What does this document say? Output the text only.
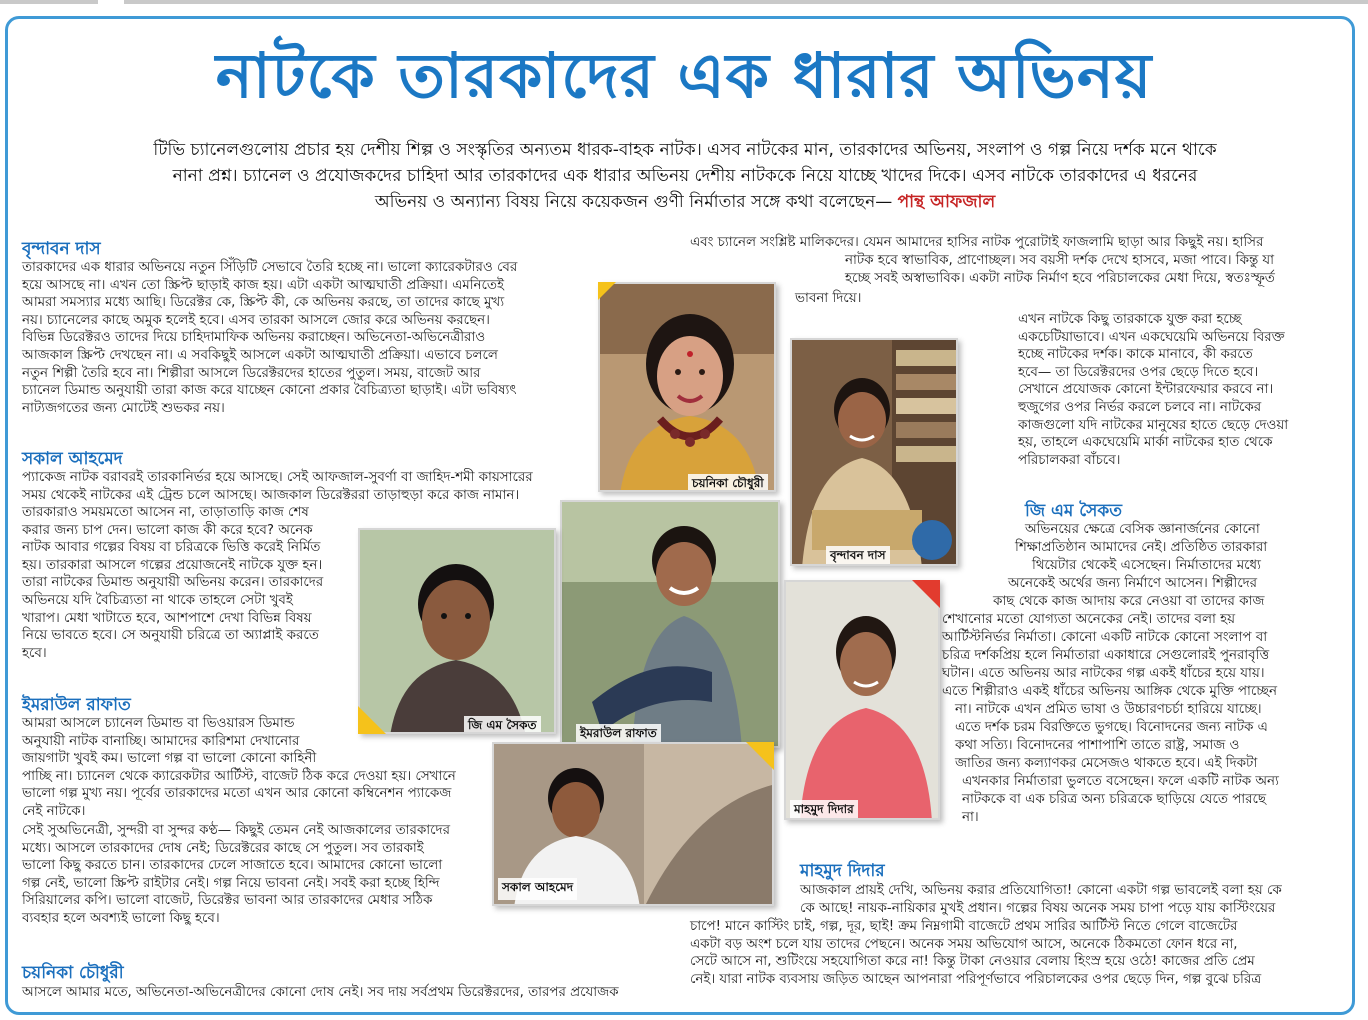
নাটকে তারকাদের এক ধারার অভিনয়
টিভি চ্যানেলগুলোয় প্রচার হয় দেশীয় শিল্প ও সংস্কৃতির অন্যতম ধারক-বাহক নাটক। এসব নাটকের মান, তারকাদের অভিনয়, সংলাপ ও গল্প নিয়ে দর্শক মনে থাকে
নানা প্রশ্ন। চ্যানেল ও প্রযোজকদের চাহিদা আর তারকাদের এক ধারার অভিনয় দেশীয় নাটককে নিয়ে যাচ্ছে খাদের দিকে। এসব নাটকে তারকাদের এ ধরনের
অভিনয় ও অন্যান্য বিষয় নিয়ে কয়েকজন গুণী নির্মাতার সঙ্গে কথা বলেছেন— পান্থ আফজাল
বৃন্দাবন দাস
তারকাদের এক ধারার অভিনয়ে নতুন সিঁড়িটি সেভাবে তৈরি হচ্ছে না। ভালো ক্যারেকটারও বের
হয়ে আসছে না। এখন তো স্ক্রিপ্ট ছাড়াই কাজ হয়। এটা একটা আত্মঘাতী প্রক্রিয়া। এমনিতেই
আমরা সমস্যার মধ্যে আছি। ডিরেক্টর কে, স্ক্রিপ্ট কী, কে অভিনয় করছে, তা তাদের কাছে মুখ্য
নয়। চ্যানেলের কাছে অমুক হলেই হবে। এসব তারকা আসলে জোর করে অভিনয় করছেন।
বিভিন্ন ডিরেক্টরও তাদের দিয়ে চাহিদামাফিক অভিনয় করাচ্ছেন। অভিনেতা-অভিনেত্রীরাও
আজকাল স্ক্রিপ্ট দেখছেন না। এ সবকিছুই আসলে একটা আত্মঘাতী প্রক্রিয়া। এভাবে চললে
নতুন শিল্পী তৈরি হবে না। শিল্পীরা আসলে ডিরেক্টরদের হাতের পুতুল। সময়, বাজেট আর
চ্যানেল ডিমান্ড অনুযায়ী তারা কাজ করে যাচ্ছেন কোনো প্রকার বৈচিত্র্যতা ছাড়াই। এটা ভবিষ্যৎ
নাট্যজগতের জন্য মোটেই শুভকর নয়।
সকাল আহমেদ
প্যাকেজ নাটক বরাবরই তারকানির্ভর হয়ে আসছে। সেই আফজাল-সুবর্ণা বা জাহিদ-শমী কায়সারের
সময় থেকেই নাটকের এই ট্রেন্ড চলে আসছে। আজকাল ডিরেক্টররা তাড়াহুড়া করে কাজ নামান।
তারকারাও সময়মতো আসেন না, তাড়াতাড়ি কাজ শেষ
করার জন্য চাপ দেন। ভালো কাজ কী করে হবে? অনেক
নাটক আবার গল্পের বিষয় বা চরিত্রকে ভিত্তি করেই নির্মিত
হয়। তারকারা আসলে গল্পের প্রয়োজনেই নাটকে যুক্ত হন।
তারা নাটকের ডিমান্ড অনুযায়ী অভিনয় করেন। তারকাদের
অভিনয়ে যদি বৈচিত্র্যতা না থাকে তাহলে সেটা খুবই
খারাপ। মেধা খাটাতে হবে, আশপাশে দেখা বিভিন্ন বিষয়
নিয়ে ভাবতে হবে। সে অনুযায়ী চরিত্রে তা অ্যাপ্লাই করতে
হবে।
ইমরাউল রাফাত
আমরা আসলে চ্যানেল ডিমান্ড বা ভিওয়ারস ডিমান্ড
অনুযায়ী নাটক বানাচ্ছি। আমাদের কারিশমা দেখানোর
জায়গাটা খুবই কম। ভালো গল্প বা ভালো কোনো কাহিনী
পাচ্ছি না। চ্যানেল থেকে ক্যারেকটার আর্টিস্ট, বাজেট ঠিক করে দেওয়া হয়। সেখানে
ভালো গল্প মুখ্য নয়। পূর্বের তারকাদের মতো এখন আর কোনো কম্বিনেশন প্যাকেজ
নেই নাটকে।
সেই সুঅভিনেত্রী, সুন্দরী বা সুন্দর কণ্ঠ— কিছুই তেমন নেই আজকালের তারকাদের
মধ্যে। আসলে তারকাদের দোষ নেই; ডিরেক্টরের কাছে সে পুতুল। সব তারকাই
ভালো কিছু করতে চান। তারকাদের ঢেলে সাজাতে হবে। আমাদের কোনো ভালো
গল্প নেই, ভালো স্ক্রিপ্ট রাইটার নেই। গল্প নিয়ে ভাবনা নেই। সবই করা হচ্ছে হিন্দি
সিরিয়ালের কপি। ভালো বাজেট, ডিরেক্টর ভাবনা আর তারকাদের মেধার সঠিক
ব্যবহার হলে অবশ্যই ভালো কিছু হবে।
চয়নিকা চৌধুরী
আসলে আমার মতে, অভিনেতা-অভিনেত্রীদের কোনো দোষ নেই। সব দায় সর্বপ্রথম ডিরেক্টরদের, তারপর প্রযোজক
এবং চ্যানেল সংশ্লিষ্ট মালিকদের। যেমন আমাদের হাসির নাটক পুরোটাই ফাজলামি ছাড়া আর কিছুই নয়। হাসির
নাটক হবে স্বাভাবিক, প্রাণোচ্ছল। সব বয়সী দর্শক দেখে হাসবে, মজা পাবে। কিন্তু যা
হচ্ছে সবই অস্বাভাবিক। একটা নাটক নির্মাণ হবে পরিচালকের মেধা দিয়ে, স্বতঃস্ফূর্ত
ভাবনা দিয়ে।
এখন নাটকে কিছু তারকাকে যুক্ত করা হচ্ছে
একচেটিয়াভাবে। এখন একঘেয়েমি অভিনয়ে বিরক্ত
হচ্ছে নাটকের দর্শক। কাকে মানাবে, কী করতে
হবে— তা ডিরেক্টরদের ওপর ছেড়ে দিতে হবে।
সেখানে প্রযোজক কোনো ইন্টারফেয়ার করবে না।
হুজুগের ওপর নির্ভর করলে চলবে না। নাটকের
কাজগুলো যদি নাটকের মানুষের হাতে ছেড়ে দেওয়া
হয়, তাহলে একঘেয়েমি মার্কা নাটকের হাত থেকে
পরিচালকরা বাঁচবে।
জি এম সৈকত
অভিনয়ের ক্ষেত্রে বেসিক জ্ঞানার্জনের কোনো
শিক্ষাপ্রতিষ্ঠান আমাদের নেই। প্রতিষ্ঠিত তারকারা
থিয়েটার থেকেই এসেছেন। নির্মাতাদের মধ্যে
অনেকেই অর্থের জন্য নির্মাণে আসেন। শিল্পীদের
কাছ থেকে কাজ আদায় করে নেওয়া বা তাদের কাজ
শেখানোর মতো যোগ্যতা অনেকের নেই। তাদের বলা হয়
আর্টিস্টনির্ভর নির্মাতা। কোনো একটি নাটকে কোনো সংলাপ বা
চরিত্র দর্শকপ্রিয় হলে নির্মাতারা একাধারে সেগুলোরই পুনরাবৃত্তি
ঘটান। এতে অভিনয় আর নাটকের গল্প একই ধাঁচের হয়ে যায়।
এতে শিল্পীরাও একই ধাঁচের অভিনয় আঙ্গিক থেকে মুক্তি পাচ্ছেন
না। নাটকে এখন প্রমিত ভাষা ও উচ্চারণচর্চা হারিয়ে যাচ্ছে।
এতে দর্শক চরম বিরক্তিতে ভুগছে। বিনোদনের জন্য নাটক এ
কথা সত্যি। বিনোদনের পাশাপাশি তাতে রাষ্ট্র, সমাজ ও
জাতির জন্য কল্যাণকর মেসেজও থাকতে হবে। এই দিকটা
এখনকার নির্মাতারা ভুলতে বসেছেন। ফলে একটি নাটক অন্য
নাটককে বা এক চরিত্র অন্য চরিত্রকে ছাড়িয়ে যেতে পারছে
না।
মাহমুদ দিদার
আজকাল প্রায়ই দেখি, অভিনয় করার প্রতিযোগিতা! কোনো একটা গল্প ভাবলেই বলা হয় কে
কে আছে! নায়ক-নায়িকার মুখই প্রধান। গল্পের বিষয় অনেক সময় চাপা পড়ে যায় কাস্টিংয়ের
চাপে! মানে কাস্টিং চাই, গল্প, দূর, ছাই! ক্রম নিম্নগামী বাজেটে প্রথম সারির আর্টিস্ট নিতে গেলে বাজেটের
একটা বড় অংশ চলে যায় তাদের পেছনে। অনেক সময় অভিযোগ আসে, অনেকে ঠিকমতো ফোন ধরে না,
সেটে আসে না, শুটিংয়ে সহযোগিতা করে না! কিন্তু টাকা নেওয়ার বেলায় হিংস্র হয়ে ওঠে! কাজের প্রতি প্রেম
নেই। যারা নাটক ব্যবসায় জড়িত আছেন আপনারা পরিপূর্ণভাবে পরিচালকের ওপর ছেড়ে দিন, গল্প বুঝে চরিত্র
চয়নিকা চৌধুরী
বৃন্দাবন দাস
ইমরাউল রাফাত
জি এম সৈকত
মাহমুদ দিদার
সকাল আহমেদ
